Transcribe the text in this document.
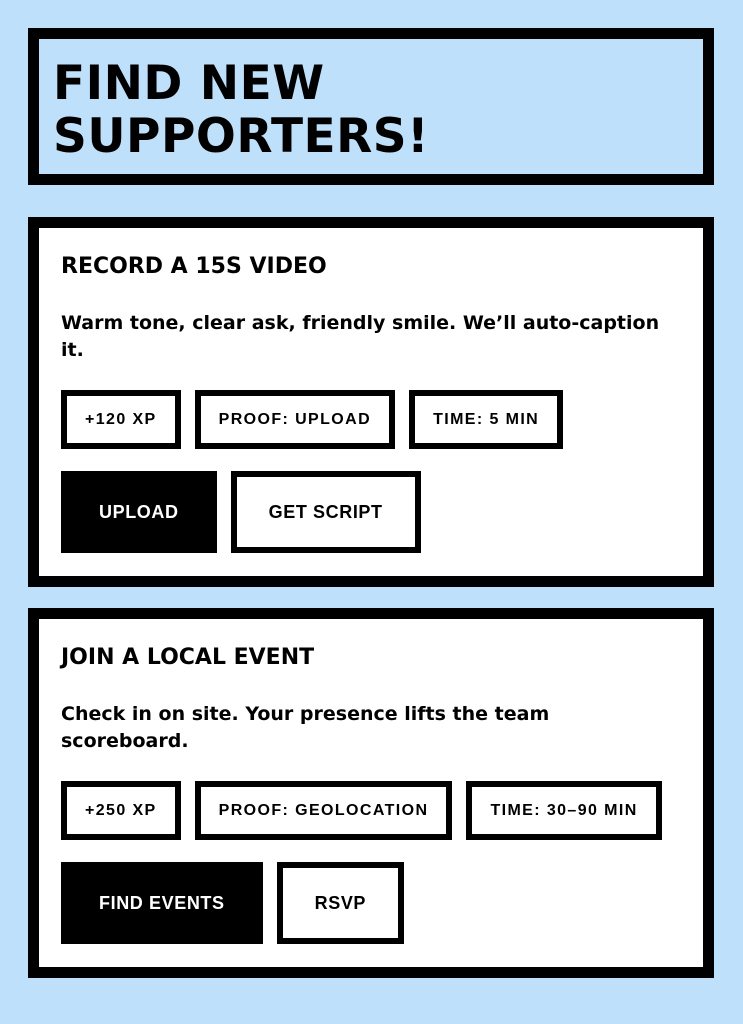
FIND NEW
SUPPORTERS!
RECORD A 15S VIDEO

Warm tone, clear ask, friendly smile. We’ll auto-caption it.

+120 XP	PROOF: UPLOAD	TIME: 5 MIN
UPLOAD	GET SCRIPT
JOIN A LOCAL EVENT

Check in on site. Your presence lifts the team scoreboard.

+250 XP	PROOF: GEOLOCATION	TIME: 30–90 MIN
FIND EVENTS	RSVP
